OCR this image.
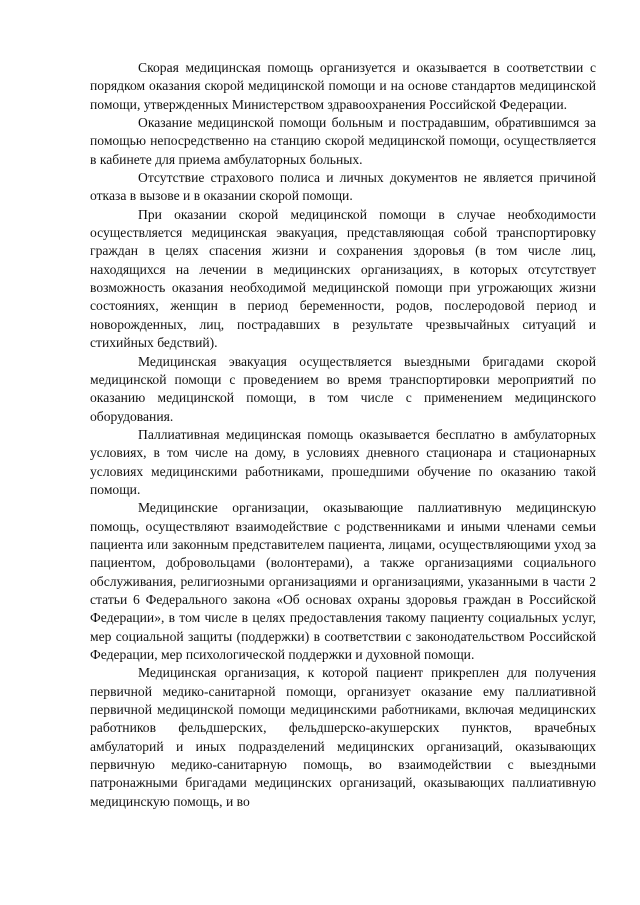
Скорая медицинская помощь организуется и оказывается в соответствии с порядком оказания скорой медицинской помощи и на основе стандартов медицинской помощи, утвержденных Министерством здравоохранения Российской Федерации.

Оказание медицинской помощи больным и пострадавшим, обратившимся за помощью непосредственно на станцию скорой медицинской помощи, осуществляется в кабинете для приема амбулаторных больных.

Отсутствие страхового полиса и личных документов не является причиной отказа в вызове и в оказании скорой помощи.

При оказании скорой медицинской помощи в случае необходимости осуществляется медицинская эвакуация, представляющая собой транспортировку граждан в целях спасения жизни и сохранения здоровья (в том числе лиц, находящихся на лечении в медицинских организациях, в которых отсутствует возможность оказания необходимой медицинской помощи при угрожающих жизни состояниях, женщин в период беременности, родов, послеродовой период и новорожденных, лиц, пострадавших в результате чрезвычайных ситуаций и стихийных бедствий).

Медицинская эвакуация осуществляется выездными бригадами скорой медицинской помощи с проведением во время транспортировки мероприятий по оказанию медицинской помощи, в том числе с применением медицинского оборудования.

Паллиативная медицинская помощь оказывается бесплатно в амбулаторных условиях, в том числе на дому, в условиях дневного стационара и стационарных условиях медицинскими работниками, прошедшими обучение по оказанию такой помощи.

Медицинские организации, оказывающие паллиативную медицинскую помощь, осуществляют взаимодействие с родственниками и иными членами семьи пациента или законным представителем пациента, лицами, осуществляющими уход за пациентом, добровольцами (волонтерами), а также организациями социального обслуживания, религиозными организациями и организациями, указанными в части 2 статьи 6 Федерального закона «Об основах охраны здоровья граждан в Российской Федерации», в том числе в целях предоставления такому пациенту социальных услуг, мер социальной защиты (поддержки) в соответствии с законодательством Российской Федерации, мер психологической поддержки и духовной помощи.

Медицинская организация, к которой пациент прикреплен для получения первичной медико-санитарной помощи, организует оказание ему паллиативной первичной медицинской помощи медицинскими работниками, включая медицинских работников фельдшерских, фельдшерско-акушерских пунктов, врачебных амбулаторий и иных подразделений медицинских организаций, оказывающих первичную медико-санитарную помощь, во взаимодействии с выездными патронажными бригадами медицинских организаций, оказывающих паллиативную медицинскую помощь, и во
